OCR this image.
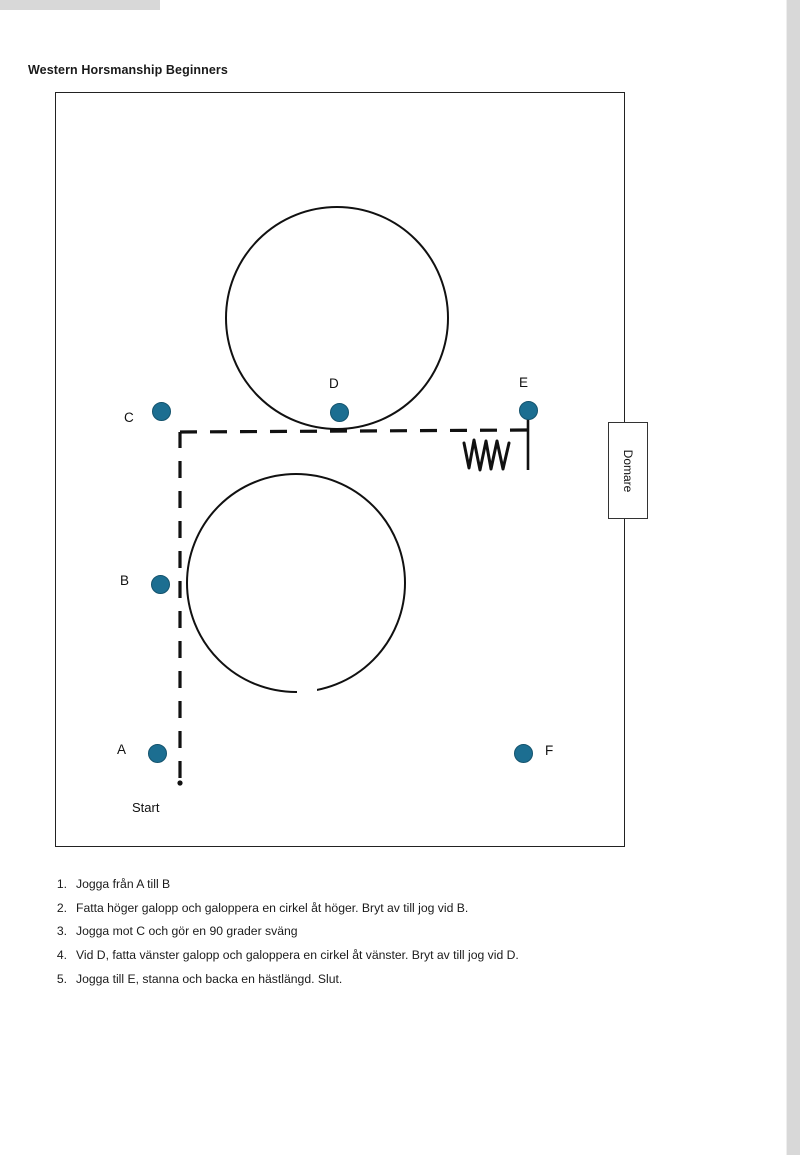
Western Horsmanship Beginners
Domare
A
B
C
D	E
F
Start
1. Jogga från A till B
2. Fatta höger galopp och galoppera en cirkel åt höger. Bryt av till jog vid B.
3. Jogga mot C och gör en 90 grader sväng
4. Vid D, fatta vänster galopp och galoppera en cirkel åt vänster. Bryt av till jog vid D.
5. Jogga till E, stanna och backa en hästlängd. Slut.
